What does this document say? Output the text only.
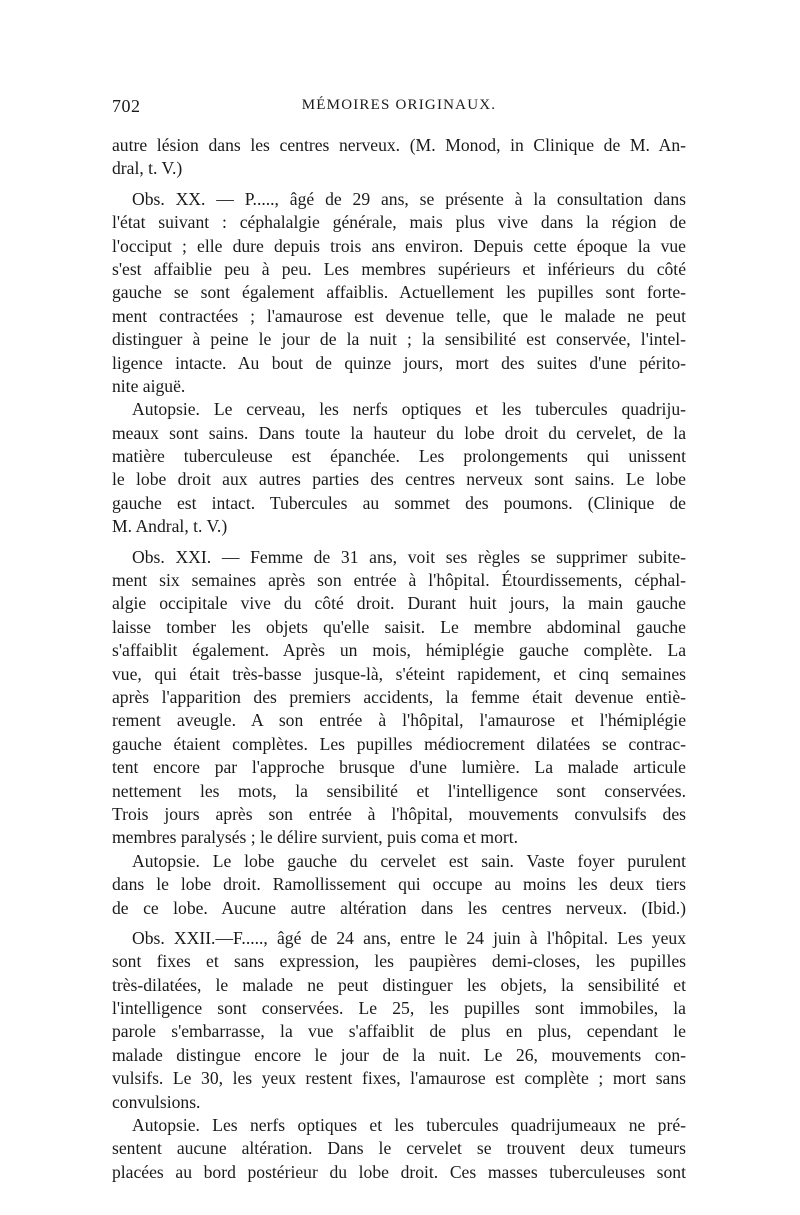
702	MÉMOIRES ORIGINAUX.
autre lésion dans les centres nerveux. (M. Monod, in Clinique de M. An-
dral, t. V.)
Obs. XX. — P....., âgé de 29 ans, se présente à la consultation dans
l'état suivant : céphalalgie générale, mais plus vive dans la région de
l'occiput ; elle dure depuis trois ans environ. Depuis cette époque la vue
s'est affaiblie peu à peu. Les membres supérieurs et inférieurs du côté
gauche se sont également affaiblis. Actuellement les pupilles sont forte-
ment contractées ; l'amaurose est devenue telle, que le malade ne peut
distinguer à peine le jour de la nuit ; la sensibilité est conservée, l'intel-
ligence intacte. Au bout de quinze jours, mort des suites d'une périto-
nite aiguë.
Autopsie. Le cerveau, les nerfs optiques et les tubercules quadriju-
meaux sont sains. Dans toute la hauteur du lobe droit du cervelet, de la
matière tuberculeuse est épanchée. Les prolongements qui unissent
le lobe droit aux autres parties des centres nerveux sont sains. Le lobe
gauche est intact. Tubercules au sommet des poumons. (Clinique de
M. Andral, t. V.)
Obs. XXI. — Femme de 31 ans, voit ses règles se supprimer subite-
ment six semaines après son entrée à l'hôpital. Étourdissements, céphal-
algie occipitale vive du côté droit. Durant huit jours, la main gauche
laisse tomber les objets qu'elle saisit. Le membre abdominal gauche
s'affaiblit également. Après un mois, hémiplégie gauche complète. La
vue, qui était très-basse jusque-là, s'éteint rapidement, et cinq semaines
après l'apparition des premiers accidents, la femme était devenue entiè-
rement aveugle. A son entrée à l'hôpital, l'amaurose et l'hémiplégie
gauche étaient complètes. Les pupilles médiocrement dilatées se contrac-
tent encore par l'approche brusque d'une lumière. La malade articule
nettement les mots, la sensibilité et l'intelligence sont conservées.
Trois jours après son entrée à l'hôpital, mouvements convulsifs des
membres paralysés ; le délire survient, puis coma et mort.
Autopsie. Le lobe gauche du cervelet est sain. Vaste foyer purulent
dans le lobe droit. Ramollissement qui occupe au moins les deux tiers
de ce lobe. Aucune autre altération dans les centres nerveux. (Ibid.)
Obs. XXII.—F....., âgé de 24 ans, entre le 24 juin à l'hôpital. Les yeux
sont fixes et sans expression, les paupières demi-closes, les pupilles
très-dilatées, le malade ne peut distinguer les objets, la sensibilité et
l'intelligence sont conservées. Le 25, les pupilles sont immobiles, la
parole s'embarrasse, la vue s'affaiblit de plus en plus, cependant le
malade distingue encore le jour de la nuit. Le 26, mouvements con-
vulsifs. Le 30, les yeux restent fixes, l'amaurose est complète ; mort sans
convulsions.
Autopsie. Les nerfs optiques et les tubercules quadrijumeaux ne pré-
sentent aucune altération. Dans le cervelet se trouvent deux tumeurs
placées au bord postérieur du lobe droit. Ces masses tuberculeuses sont
